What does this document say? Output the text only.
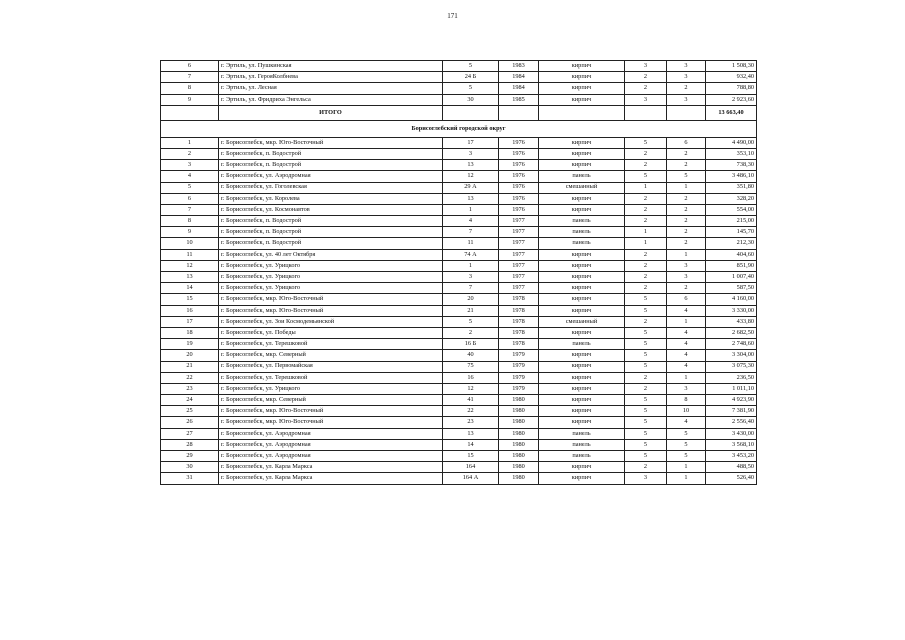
171
6	г. Эртиль, ул. Пушкинская	5	1983	кирпич	3	3	1 508,30
7	г. Эртиль, ул. ГерояКолбнева	24 Б	1984	кирпич	2	3	932,40
8	г. Эртиль, ул. Лесная	5	1984	кирпич	2	2	788,80
9	г. Эртиль, ул. Фридриха Энгельса	30	1985	кирпич	3	3	2 923,60
	ИТОГО						13 663,40
Борисоглебский городской округ							
1	г. Борисоглебск, мкр. Юго-Восточный	17	1976	кирпич	5	6	4 490,00
2	г. Борисоглебск, п. Водострой	3	1976	кирпич	2	2	353,10
3	г. Борисоглебск, п. Водострой	13	1976	кирпич	2	2	738,30
4	г. Борисоглебск, ул. Аэродромная	12	1976	панель	5	5	3 486,10
5	г. Борисоглебск, ул. Гоголевская	29 А	1976	смешанный	1	1	351,80
6	г. Борисоглебск, ул. Королева	13	1976	кирпич	2	2	328,20
7	г. Борисоглебск, ул. Космонавтов	1	1976	кирпич	2	2	554,00
8	г. Борисоглебск, п. Водострой	4	1977	панель	2	2	215,00
9	г. Борисоглебск, п. Водострой	7	1977	панель	1	2	145,70
10	г. Борисоглебск, п. Водострой	11	1977	панель	1	2	212,30
11	г. Борисоглебск, ул. 40 лет Октября	74 А	1977	кирпич	2	1	404,60
12	г. Борисоглебск, ул. Урицкого	1	1977	кирпич	2	3	851,90
13	г. Борисоглебск, ул. Урицкого	3	1977	кирпич	2	3	1 007,40
14	г. Борисоглебск, ул. Урицкого	7	1977	кирпич	2	2	587,50
15	г. Борисоглебск, мкр. Юго-Восточный	20	1978	кирпич	5	6	4 160,00
16	г. Борисоглебск, мкр. Юго-Восточный	21	1978	кирпич	5	4	3 330,00
17	г. Борисоглебск, ул. Зои Космодемьянской	5	1978	смешанный	2	1	433,80
18	г. Борисоглебск, ул. Победы	2	1978	кирпич	5	4	2 682,50
19	г. Борисоглебск, ул. Терешковой	16 Б	1978	панель	5	4	2 748,60
20	г. Борисоглебск, мкр. Северный	40	1979	кирпич	5	4	3 304,00
21	г. Борисоглебск, ул. Первомайская	75	1979	кирпич	5	4	3 075,30
22	г. Борисоглебск, ул. Терешковой	16	1979	кирпич	2	1	236,50
23	г. Борисоглебск, ул. Урицкого	12	1979	кирпич	2	3	1 011,10
24	г. Борисоглебск, мкр. Северный	41	1980	кирпич	5	8	4 923,90
25	г. Борисоглебск, мкр. Юго-Восточный	22	1980	кирпич	5	10	7 381,90
26	г. Борисоглебск, мкр. Юго-Восточный	23	1980	кирпич	5	4	2 556,40
27	г. Борисоглебск, ул. Аэродромная	13	1980	панель	5	5	3 430,00
28	г. Борисоглебск, ул. Аэродромная	14	1980	панель	5	5	3 568,10
29	г. Борисоглебск, ул. Аэродромная	15	1980	панель	5	5	3 453,20
30	г. Борисоглебск, ул. Карла Маркса	164	1980	кирпич	2	1	488,50
31	г. Борисоглебск, ул. Карла Маркса	164 А	1980	кирпич	3	1	526,40
